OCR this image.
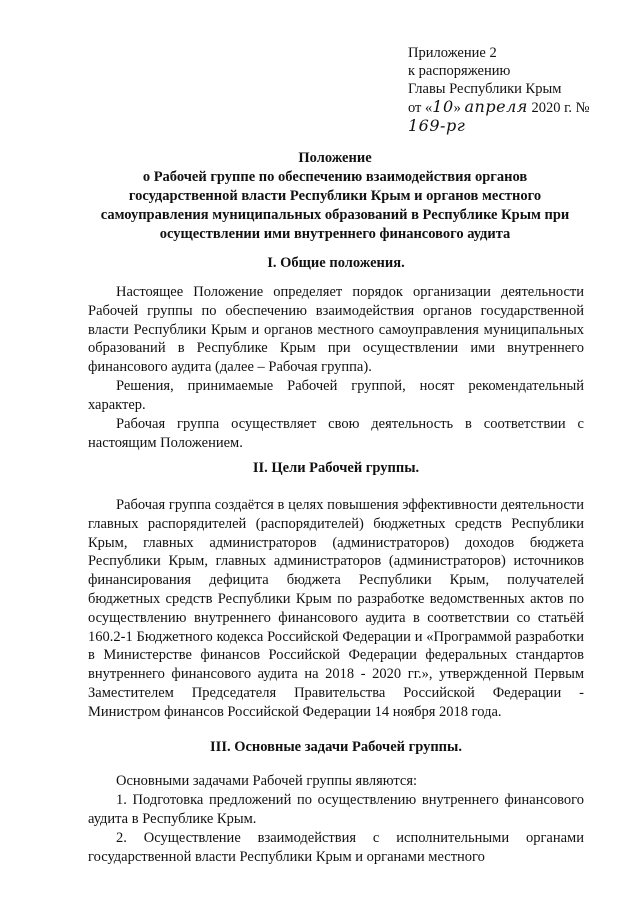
Приложение 2
к распоряжению
Главы Республики Крым
от «10» апреля 2020 г. № 169-рг
Положение
о Рабочей группе по обеспечению взаимодействия органов
государственной власти Республики Крым и органов местного
самоуправления муниципальных образований в Республике Крым при
осуществлении ими внутреннего финансового аудита
I. Общие положения.
Настоящее Положение определяет порядок организации деятельности Рабочей группы по обеспечению взаимодействия органов государственной власти Республики Крым и органов местного самоуправления муниципальных образований в Республике Крым при осуществлении ими внутреннего финансового аудита (далее – Рабочая группа).
Решения, принимаемые Рабочей группой, носят рекомендательный характер.
Рабочая группа осуществляет свою деятельность в соответствии с настоящим Положением.
II. Цели Рабочей группы.
Рабочая группа создаётся в целях повышения эффективности деятельности главных распорядителей (распорядителей) бюджетных средств Республики Крым, главных администраторов (администраторов) доходов бюджета Республики Крым, главных администраторов (администраторов) источников финансирования дефицита бюджета Республики Крым, получателей бюджетных средств Республики Крым по разработке ведомственных актов по осуществлению внутреннего финансового аудита в соответствии со статьёй 160.2-1 Бюджетного кодекса Российской Федерации и «Программой разработки в Министерстве финансов Российской Федерации федеральных стандартов внутреннего финансового аудита на 2018 - 2020 гг.», утвержденной Первым Заместителем Председателя Правительства Российской Федерации - Министром финансов Российской Федерации 14 ноября 2018 года.
III. Основные задачи Рабочей группы.
Основными задачами Рабочей группы являются:
1. Подготовка предложений по осуществлению внутреннего финансового аудита в Республике Крым.
2. Осуществление взаимодействия с исполнительными органами государственной власти Республики Крым и органами местного
